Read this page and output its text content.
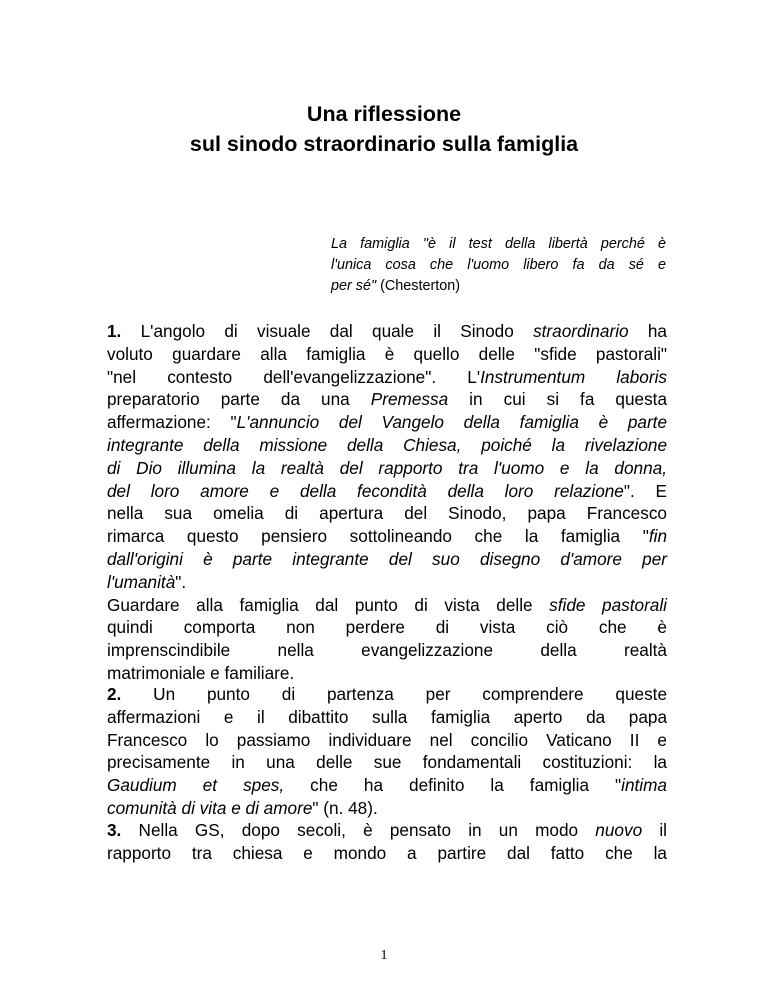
Una riflessione
sul sinodo straordinario sulla famiglia
La famiglia "è il test della libertà perché è
l'unica cosa che l'uomo libero fa da sé e
per sé" (Chesterton)
1. L'angolo di visuale dal quale il Sinodo straordinario ha
voluto guardare alla famiglia è quello delle "sfide pastorali"
"nel contesto dell'evangelizzazione". L'Instrumentum laboris
preparatorio parte da una Premessa in cui si fa questa
affermazione: "L'annuncio del Vangelo della famiglia è parte
integrante della missione della Chiesa, poiché la rivelazione
di Dio illumina la realtà del rapporto tra l'uomo e la donna,
del loro amore e della fecondità della loro relazione". E
nella sua omelia di apertura del Sinodo, papa Francesco
rimarca questo pensiero sottolineando che la famiglia "fin
dall'origini è parte integrante del suo disegno d'amore per
l'umanità".
Guardare alla famiglia dal punto di vista delle sfide pastorali
quindi comporta non perdere di vista ciò che è
imprenscindibile nella evangelizzazione della realtà
matrimoniale e familiare.
2. Un punto di partenza per comprendere queste
affermazioni e il dibattito sulla famiglia aperto da papa
Francesco lo passiamo individuare nel concilio Vaticano II e
precisamente in una delle sue fondamentali costituzioni: la
Gaudium et spes, che ha definito la famiglia "intima
comunità di vita e di amore" (n. 48).
3. Nella GS, dopo secoli, è pensato in un modo nuovo il
rapporto tra chiesa e mondo a partire dal fatto che la
1
